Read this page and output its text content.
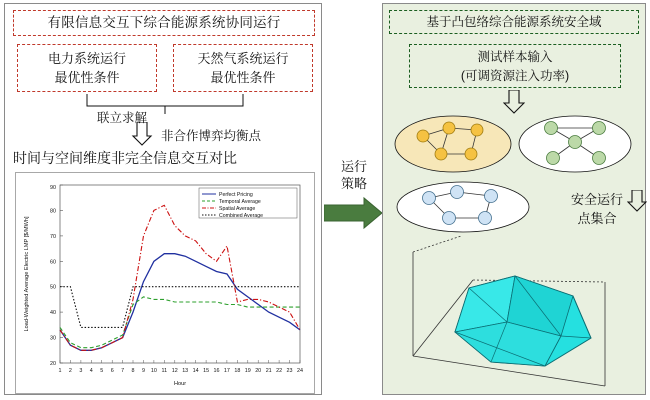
有限信息交互下综合能源系统协同运行
电力系统运行
最优性条件
天然气系统运行
最优性条件
联立求解
非合作博弈均衡点
时间与空间维度非完全信息交互对比
20
30
40
50
60
70
80
90
1 2 3 4 5 6 7 8 9 10 11 12 13 14 15 16 17 18 19 20 21 22 23 24
Hour
Load-Weighted Average Electric LMP [$/MWh]
Perfect Pricing
Temporal Average
Spatial Average
Combined Average
运行
策略
基于凸包络综合能源系统安全域
测试样本输入
(可调资源注入功率)
安全运行
点集合
